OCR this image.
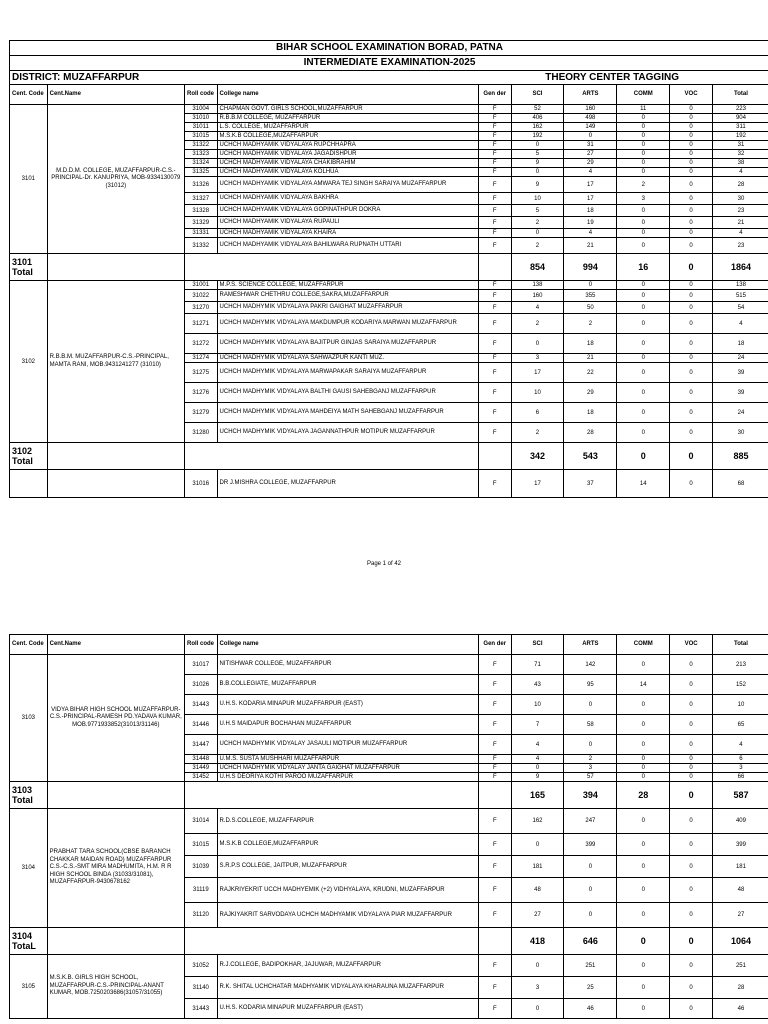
BIHAR SCHOOL EXAMINATION BORAD, PATNA									
INTERMEDIATE EXAMINATION-2025									
DISTRICT: MUZAFFARPUR				THEORY CENTER TAGGING					
Cent. Code	Cent.Name	Roll code	College name	Gen der	SCI	ARTS	COMM	VOC	Total
3101	M.D.D.M. COLLEGE, MUZAFFARPUR-C.S.-PRINCIPAL-Dr. KANUPRIYA, MOB-9334130079 (31012)	31004	CHAPMAN GOVT. GIRLS SCHOOL,MUZAFFARPUR	F	52	160	11	0	223
		31010	R.B.B.M COLLEGE, MUZAFFARPUR	F	406	498	0	0	904
		31011	L.S. COLLEGE, MUZAFFARPUR	F	162	149	0	0	311
		31015	M.S.K.B COLLEGE,MUZAFFARPUR	F	192	0	0	0	192
		31322	UCHCH MADHYAMIK VIDYALAYA RUPCHHAPRA	F	0	31	0	0	31
		31323	UCHCH MADHYAMIK VIDYALAYA JAGADISHPUR	F	5	27	0	0	32
		31324	UCHCH MADHYAMIK VIDYALAYA CHAKIBRAHIM	F	9	29	0	0	38
		31325	UCHCH MADHYAMIK VIDYALAYA KOLHUA	F	0	4	0	0	4
		31326	UCHCH MADHYAMIK VIDYALAYA AMWARA TEJ SINGH SARAIYA MUZAFFARPUR	F	9	17	2	0	28
		31327	UCHCH MADHYAMIK VIDYALAYA BAKHRA	F	10	17	3	0	30
		31328	UCHCH MADHYAMIK VIDYALAYA GOPINATHPUR DOKRA	F	5	18	0	0	23
		31329	UCHCH MADHYAMIK VIDYALAYA RUPAULI	F	2	19	0	0	21
		31331	UCHCH MADHYAMIK VIDYALAYA KHAIRA	F	0	4	0	0	4
		31332	UCHCH MADHYAMIK VIDYALAYA BAHILWARA RUPNATH UTTARI	F	2	21	0	0	23
3101 Total					854	994	16	0	1864
3102	R.B.B.M. MUZAFFARPUR-C.S.-PRINCIPAL, MAMTA RANI, MOB.9431241277 (31010)	31001	M.P.S. SCIENCE COLLEGE, MUZAFFARPUR	F	138	0	0	0	138
		31022	RAMESHWAR CHETHRU COLLEGE,SAKRA,MUZAFFARPUR	F	160	355	0	0	515
		31270	UCHCH MADHYMIK VIDYALAYA PAKRI GAIGHAT MUZAFFARPUR	F	4	50	0	0	54
		31271	UCHCH MADHYMIK VIDYALAYA MAKDUMPUR KODARIYA MARWAN MUZAFFARPUR	F	2	2	0	0	4
		31272	UCHCH MADHYMIK VIDYALAYA BAJITPUR GINJAS SARAIYA MUZAFFARPUR	F	0	18	0	0	18
		31274	UCHCH MADHYMIK VIDYALAYA SAHWAZPUR KANTI MUZ.	F	3	21	0	0	24
		31275	UCHCH MADHYMIK VIDYALAYA MARWAPAKAR SARAIYA MUZAFFARPUR	F	17	22	0	0	39
		31276	UCHCH MADHYMIK VIDYALAYA BALTHI GAUSI SAHEBGANJ MUZAFFARPUR	F	10	29	0	0	39
		31279	UCHCH MADHYMIK VIDYALAYA MAHDEIYA MATH SAHEBGANJ MUZAFFARPUR	F	6	18	0	0	24
		31280	UCHCH MADHYMIK VIDYALAYA JAGANNATHPUR MOTIPUR MUZAFFARPUR	F	2	28	0	0	30
3102 Total					342	543	0	0	885
		31016	DR J.MISHRA COLLEGE, MUZAFFARPUR	F	17	37	14	0	68
Page 1 of 42
Cent. Code	Cent.Name	Roll code	College name	Gen der	SCI	ARTS	COMM	VOC	Total
3103	VIDYA BIHAR HIGH SCHOOL MUZAFFARPUR-C.S.-PRINCIPAL-RAMESH PD.YADAVA KUMAR, MOB.9771933852(31013/31146)	31017	NITISHWAR COLLEGE, MUZAFFARPUR	F	71	142	0	0	213
		31026	B.B.COLLEGIATE, MUZAFFARPUR	F	43	95	14	0	152
		31443	U.H.S. KODARIA MINAPUR MUZAFFARPUR (EAST)	F	10	0	0	0	10
		31446	U.H.S MAIDAPUR BOCHAHAN MUZAFFARPUR	F	7	58	0	0	65
		31447	UCHCH MADHYMIK VIDYALAY JASAULI MOTIPUR MUZAFFARPUR	F	4	0	0	0	4
		31448	U.M.S. SUSTA MUSHHARI MUZAFFARPUR	F	4	2	0	0	6
		31449	UCHCH MADHYMIK VIDYALAY JANTA GAIGHAT MUZAFFARPUR	F	0	3	0	0	3
		31452	U.H.S DEORIYA KOTHI PAROO MUZAFFARPUR	F	9	57	0	0	66
3103 Total					165	394	28	0	587
3104	PRABHAT TARA SCHOOL(CBSE BARANCH CHAKKAR MAIDAN ROAD) MUZAFFARPUR C.S.-C.S.-SMT MIRA MADHUMITA, H.M. R R HIGH SCHOOL BINDA (31033/31081), MUZAFFARPUR-9430678162	31014	R.D.S.COLLEGE, MUZAFFARPUR	F	162	247	0	0	409
		31015	M.S.K.B COLLEGE,MUZAFFARPUR	F	0	399	0	0	399
		31039	S.R.P.S COLLEGE, JAITPUR, MUZAFFARPUR	F	181	0	0	0	181
		31119	RAJKRIYEKRIT UCCH MADHYEMIK (+2) VIDHYALAYA, KRUDNI, MUZAFFARPUR	F	48	0	0	0	48
		31120	RAJKIYAKRIT SARVODAYA UCHCH MADHYAMIK VIDYALAYA PIAR MUZAFFARPUR	F	27	0	0	0	27
3104 TotaL					418	646	0	0	1064
3105	M.S.K.B. GIRLS HIGH SCHOOL, MUZAFFARPUR-C.S.-PRINCIPAL-ANANT KUMAR, MOB.7250203686(31057/31055)	31052	R.J.COLLEGE, BADIPOKHAR, JAJUWAR, MUZAFFARPUR	F	0	251	0	0	251
		31140	R.K. SHITAL UCHCHATAR MADHYAMIK VIDYALAYA KHARAUNA MUZAFFARPUR	F	3	25	0	0	28
		31443	U.H.S. KODARIA MINAPUR MUZAFFARPUR (EAST)	F	0	46	0	0	46
